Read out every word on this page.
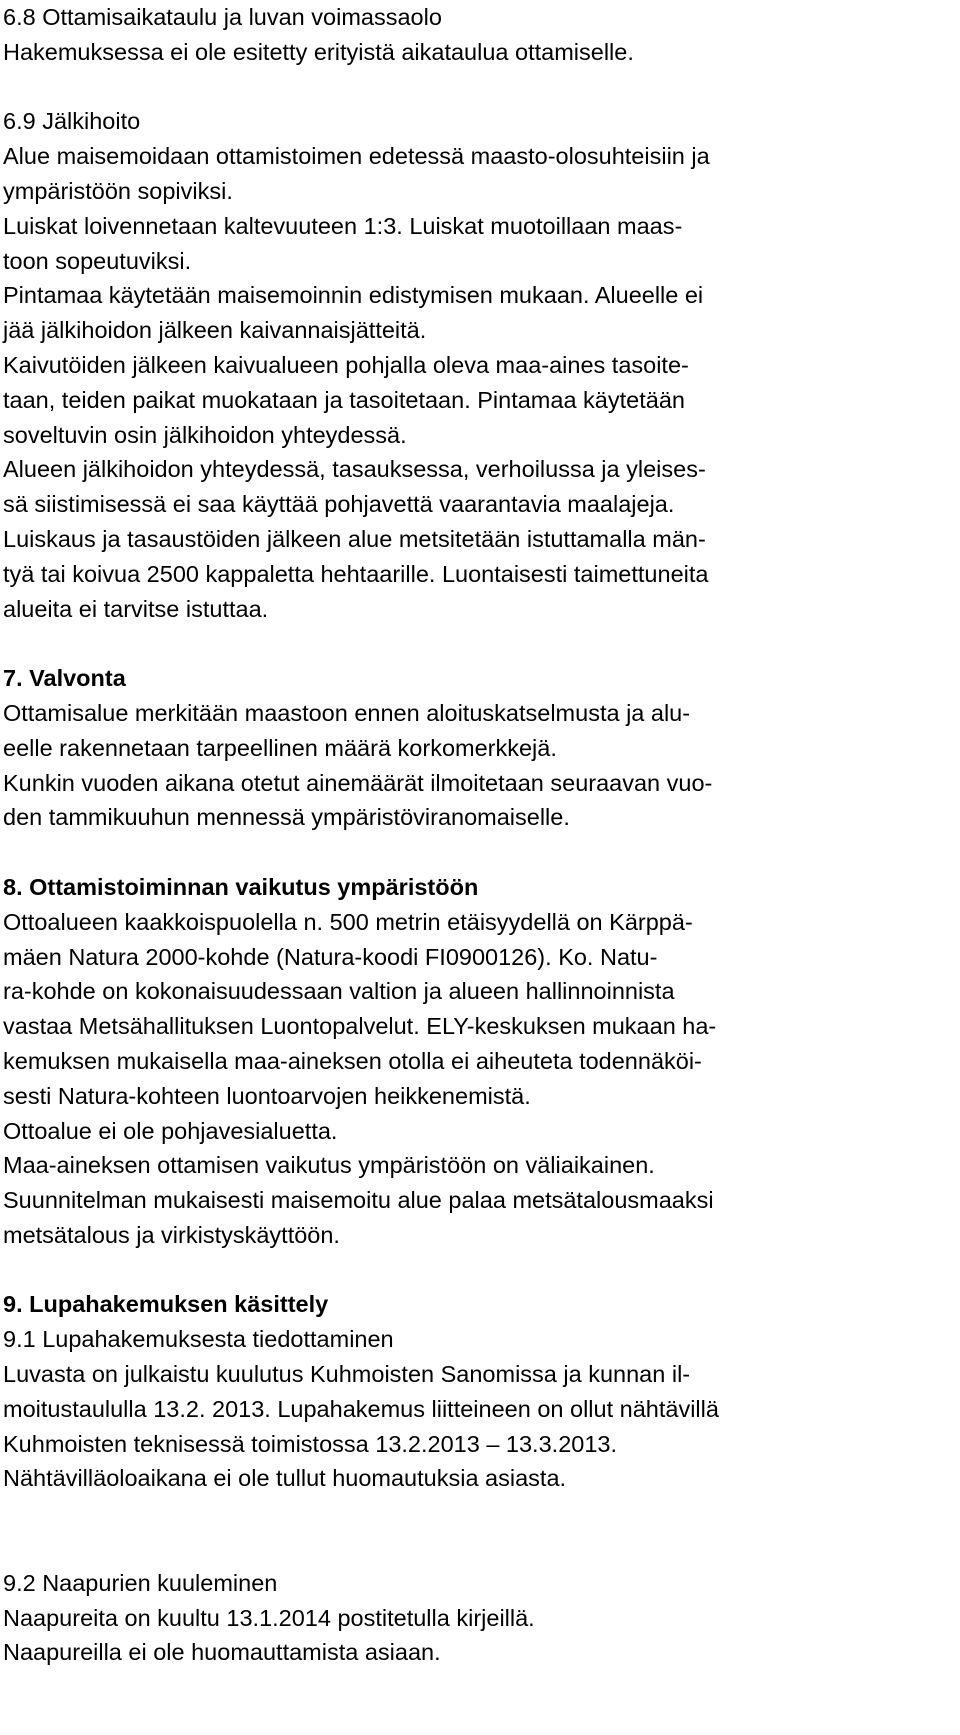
6.8 Ottamisaikataulu ja luvan voimassaolo
Hakemuksessa ei ole esitetty erityistä aikataulua ottamiselle.
6.9 Jälkihoito
Alue maisemoidaan ottamistoimen edetessä maasto-olosuhteisiin ja
ympäristöön sopiviksi.
Luiskat loivennetaan kaltevuuteen 1:3. Luiskat muotoillaan maas-
toon sopeutuviksi.
Pintamaa käytetään maisemoinnin edistymisen mukaan. Alueelle ei
jää jälkihoidon jälkeen kaivannaisjätteitä.
Kaivutöiden jälkeen kaivualueen pohjalla oleva maa-aines tasoite-
taan, teiden paikat muokataan ja tasoitetaan. Pintamaa käytetään
soveltuvin osin jälkihoidon yhteydessä.
Alueen jälkihoidon yhteydessä, tasauksessa, verhoilussa ja yleises-
sä siistimisessä ei saa käyttää pohjavettä vaarantavia maalajeja.
Luiskaus ja tasaustöiden jälkeen alue metsitetään istuttamalla män-
tyä tai koivua 2500 kappaletta hehtaarille. Luontaisesti taimettuneita
alueita ei tarvitse istuttaa.
7. Valvonta
Ottamisalue merkitään maastoon ennen aloituskatselmusta ja alu-
eelle rakennetaan tarpeellinen määrä korkomerkkejä.
Kunkin vuoden aikana otetut ainemäärät ilmoitetaan seuraavan vuo-
den tammikuuhun mennessä ympäristöviranomaiselle.
8. Ottamistoiminnan vaikutus ympäristöön
Ottoalueen kaakkoispuolella n. 500 metrin etäisyydellä on Kärppä-
mäen Natura 2000-kohde (Natura-koodi FI0900126). Ko. Natu-
ra-kohde on kokonaisuudessaan valtion ja alueen hallinnoinnista
vastaa Metsähallituksen Luontopalvelut. ELY-keskuksen mukaan ha-
kemuksen mukaisella maa-aineksen otolla ei aiheuteta todennäköi-
sesti Natura-kohteen luontoarvojen heikkenemistä.
Ottoalue ei ole pohjavesialuetta.
Maa-aineksen ottamisen vaikutus ympäristöön on väliaikainen.
Suunnitelman mukaisesti maisemoitu alue palaa metsätalousmaaksi
metsätalous ja virkistyskäyttöön.
9. Lupahakemuksen käsittely
9.1 Lupahakemuksesta tiedottaminen
Luvasta on julkaistu kuulutus Kuhmoisten Sanomissa ja kunnan il-
moitustaululla 13.2. 2013. Lupahakemus liitteineen on ollut nähtävillä
Kuhmoisten teknisessä toimistossa 13.2.2013 – 13.3.2013.
Nähtävilläoloaikana ei ole tullut huomautuksia asiasta.
9.2 Naapurien kuuleminen
Naapureita on kuultu 13.1.2014 postitetulla kirjeillä.
Naapureilla ei ole huomauttamista asiaan.
